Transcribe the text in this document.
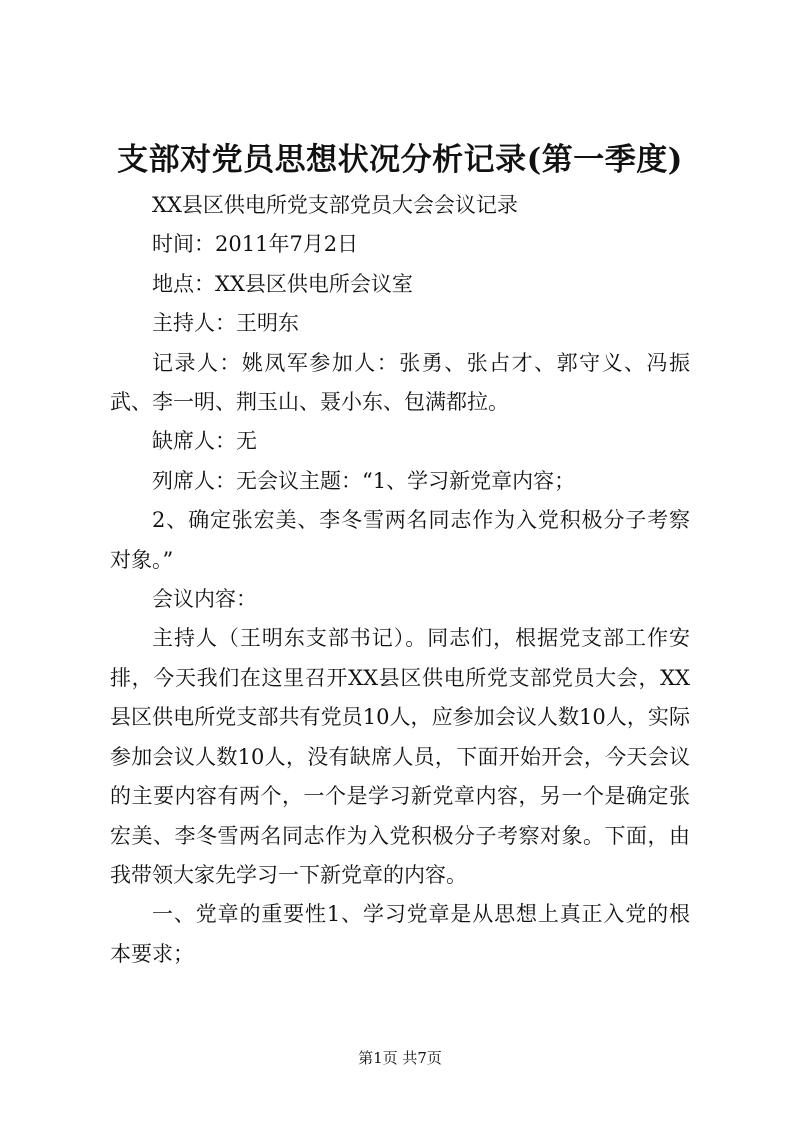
支部对党员思想状况分析记录(第一季度)

XX县区供电所党支部党员大会会议记录

时间：2011年7月2日

地点：XX县区供电所会议室

主持人：王明东

记录人：姚凤军参加人：张勇、张占才、郭守义、冯振武、李一明、荆玉山、聂小东、包满都拉。

缺席人：无

列席人：无会议主题：“1、学习新党章内容；

2、确定张宏美、李冬雪两名同志作为入党积极分子考察对象。”

会议内容：

主持人（王明东支部书记）。同志们，根据党支部工作安排，今天我们在这里召开XX县区供电所党支部党员大会，XX县区供电所党支部共有党员10人，应参加会议人数10人，实际参加会议人数10人，没有缺席人员，下面开始开会，今天会议的主要内容有两个，一个是学习新党章内容，另一个是确定张宏美、李冬雪两名同志作为入党积极分子考察对象。下面，由我带领大家先学习一下新党章的内容。

一、党章的重要性1、学习党章是从思想上真正入党的根本要求；

第1页 共7页
